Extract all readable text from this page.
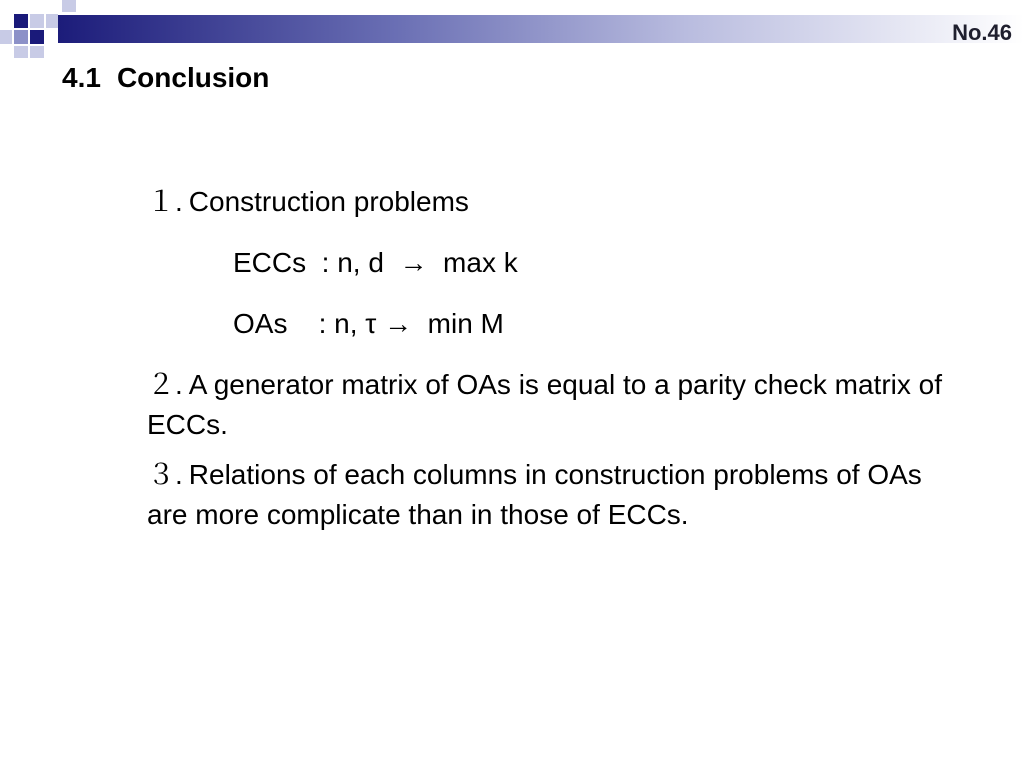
No.46
4.1 Conclusion
１. Construction problems
ECCs  : n, d  →  max k
OAs    : n, τ →  min M
２. A generator matrix of OAs is equal to a parity check matrix of ECCs.
３. Relations of each columns in construction problems of OAs are more complicate than in those of ECCs.
